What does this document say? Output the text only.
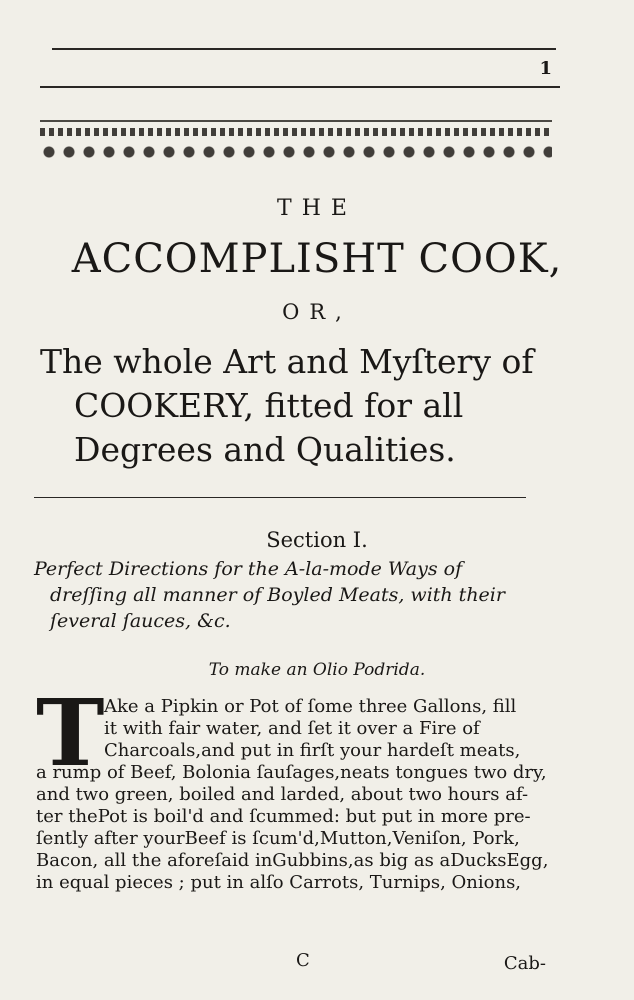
1
THE
ACCOMPLISHT COOK,
OR,
The whole Art and Myſtery of
COOKERY, fitted for all
Degrees and Qualities.
Section I.
Perfect Directions for the A-la-mode Ways of
dreſſing all manner of Boyled Meats, with their
ſeveral ſauces, &c.
To make an Olio Podrida.
T Ake a Pipkin or Pot of ſome three Gallons, fill
it with fair water, and ſet it over a Fire of
Charcoals,and put in firſt your hardeſt meats,
a rump of Beef, Bolonia ſauſages,neats tongues two dry,
and two green, boiled and larded, about two hours af-
ter thePot is boil'd and ſcummed: but put in more pre-
ſently after yourBeef is ſcum'd,Mutton,Veniſon, Pork,
Bacon, all the aforeſaid inGubbins,as big as aDucksEgg,
in equal pieces ; put in alſo Carrots, Turnips, Onions,
C	Cab-
